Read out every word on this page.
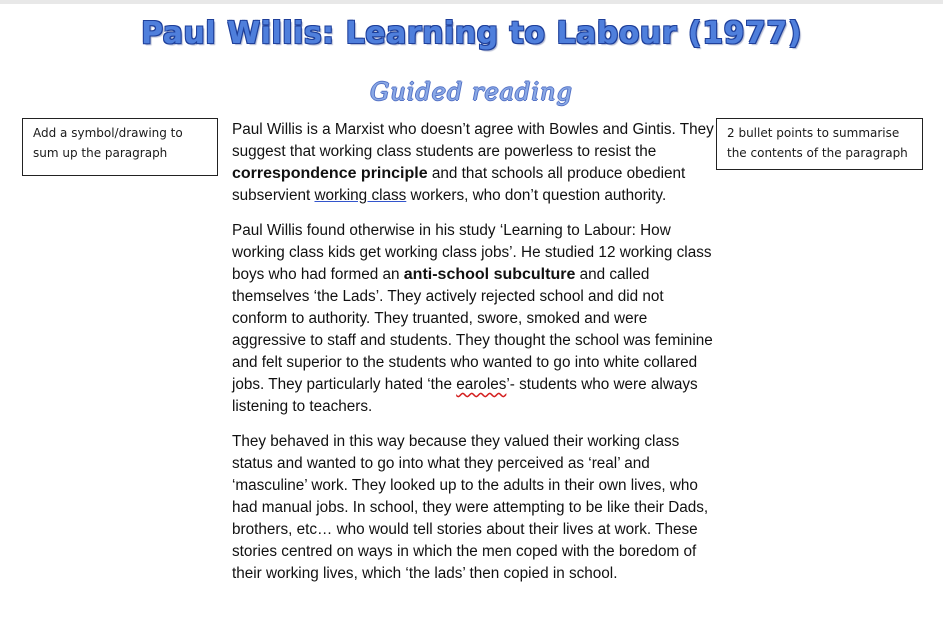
Paul Willis: Learning to Labour (1977)
Guided reading
Add a symbol/drawing to sum up the paragraph
2 bullet points to summarise the contents of the paragraph

Paul Willis is a Marxist who doesn’t agree with Bowles and Gintis. They suggest that working class students are powerless to resist the correspondence principle and that schools all produce obedient subservient working class workers, who don’t question authority.

Paul Willis found otherwise in his study ‘Learning to Labour: How working class kids get working class jobs’. He studied 12 working class boys who had formed an anti-school subculture and called themselves ‘the Lads’. They actively rejected school and did not conform to authority. They truanted, swore, smoked and were aggressive to staff and students. They thought the school was feminine and felt superior to the students who wanted to go into white collared jobs. They particularly hated ‘the earoles’- students who were always listening to teachers.

They behaved in this way because they valued their working class status and wanted to go into what they perceived as ‘real’ and ‘masculine’ work. They looked up to the adults in their own lives, who had manual jobs. In school, they were attempting to be like their Dads, brothers, etc… who would tell stories about their lives at work. These stories centred on ways in which the men coped with the boredom of their working lives, which ‘the lads’ then copied in school.
